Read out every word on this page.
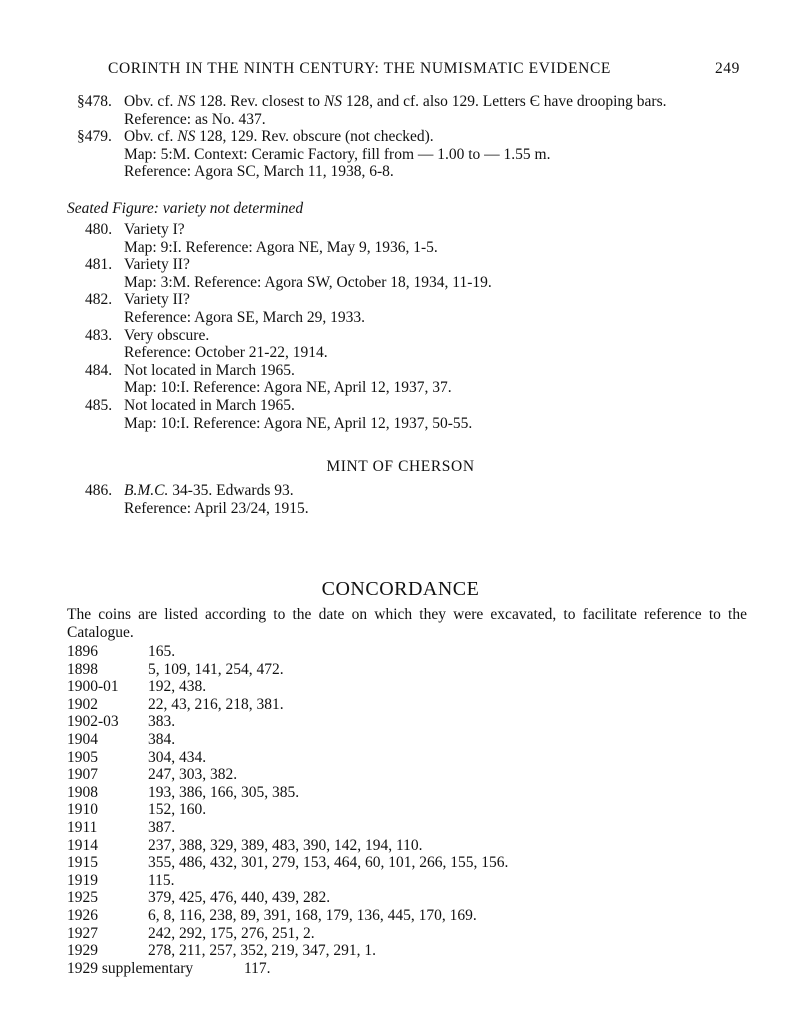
CORINTH IN THE NINTH CENTURY: THE NUMISMATIC EVIDENCE	249
§478. Obv. cf. NS 128. Rev. closest to NS 128, and cf. also 129. Letters Є have drooping bars.
Reference: as No. 437.
§479. Obv. cf. NS 128, 129. Rev. obscure (not checked).
Map: 5:M. Context: Ceramic Factory, fill from — 1.00 to — 1.55 m.
Reference: Agora SC, March 11, 1938, 6-8.
Seated Figure: variety not determined
480. Variety I?
Map: 9:I. Reference: Agora NE, May 9, 1936, 1-5.
481. Variety II?
Map: 3:M. Reference: Agora SW, October 18, 1934, 11-19.
482. Variety II?
Reference: Agora SE, March 29, 1933.
483. Very obscure.
Reference: October 21-22, 1914.
484. Not located in March 1965.
Map: 10:I. Reference: Agora NE, April 12, 1937, 37.
485. Not located in March 1965.
Map: 10:I. Reference: Agora NE, April 12, 1937, 50-55.
MINT OF CHERSON
486. B.M.C. 34-35. Edwards 93.
Reference: April 23/24, 1915.
CONCORDANCE
The coins are listed according to the date on which they were excavated, to facilitate reference to the Catalogue.
1896	165.
1898	5, 109, 141, 254, 472.
1900-01 192, 438.
1902	22, 43, 216, 218, 381.
1902-03 383.
1904	384.
1905	304, 434.
1907	247, 303, 382.
1908	193, 386, 166, 305, 385.
1910	152, 160.
1911	387.
1914	237, 388, 329, 389, 483, 390, 142, 194, 110.
1915	355, 486, 432, 301, 279, 153, 464, 60, 101, 266, 155, 156.
1919	115.
1925	379, 425, 476, 440, 439, 282.
1926	6, 8, 116, 238, 89, 391, 168, 179, 136, 445, 170, 169.
1927	242, 292, 175, 276, 251, 2.
1929	278, 211, 257, 352, 219, 347, 291, 1.
1929 supplementary	117.
